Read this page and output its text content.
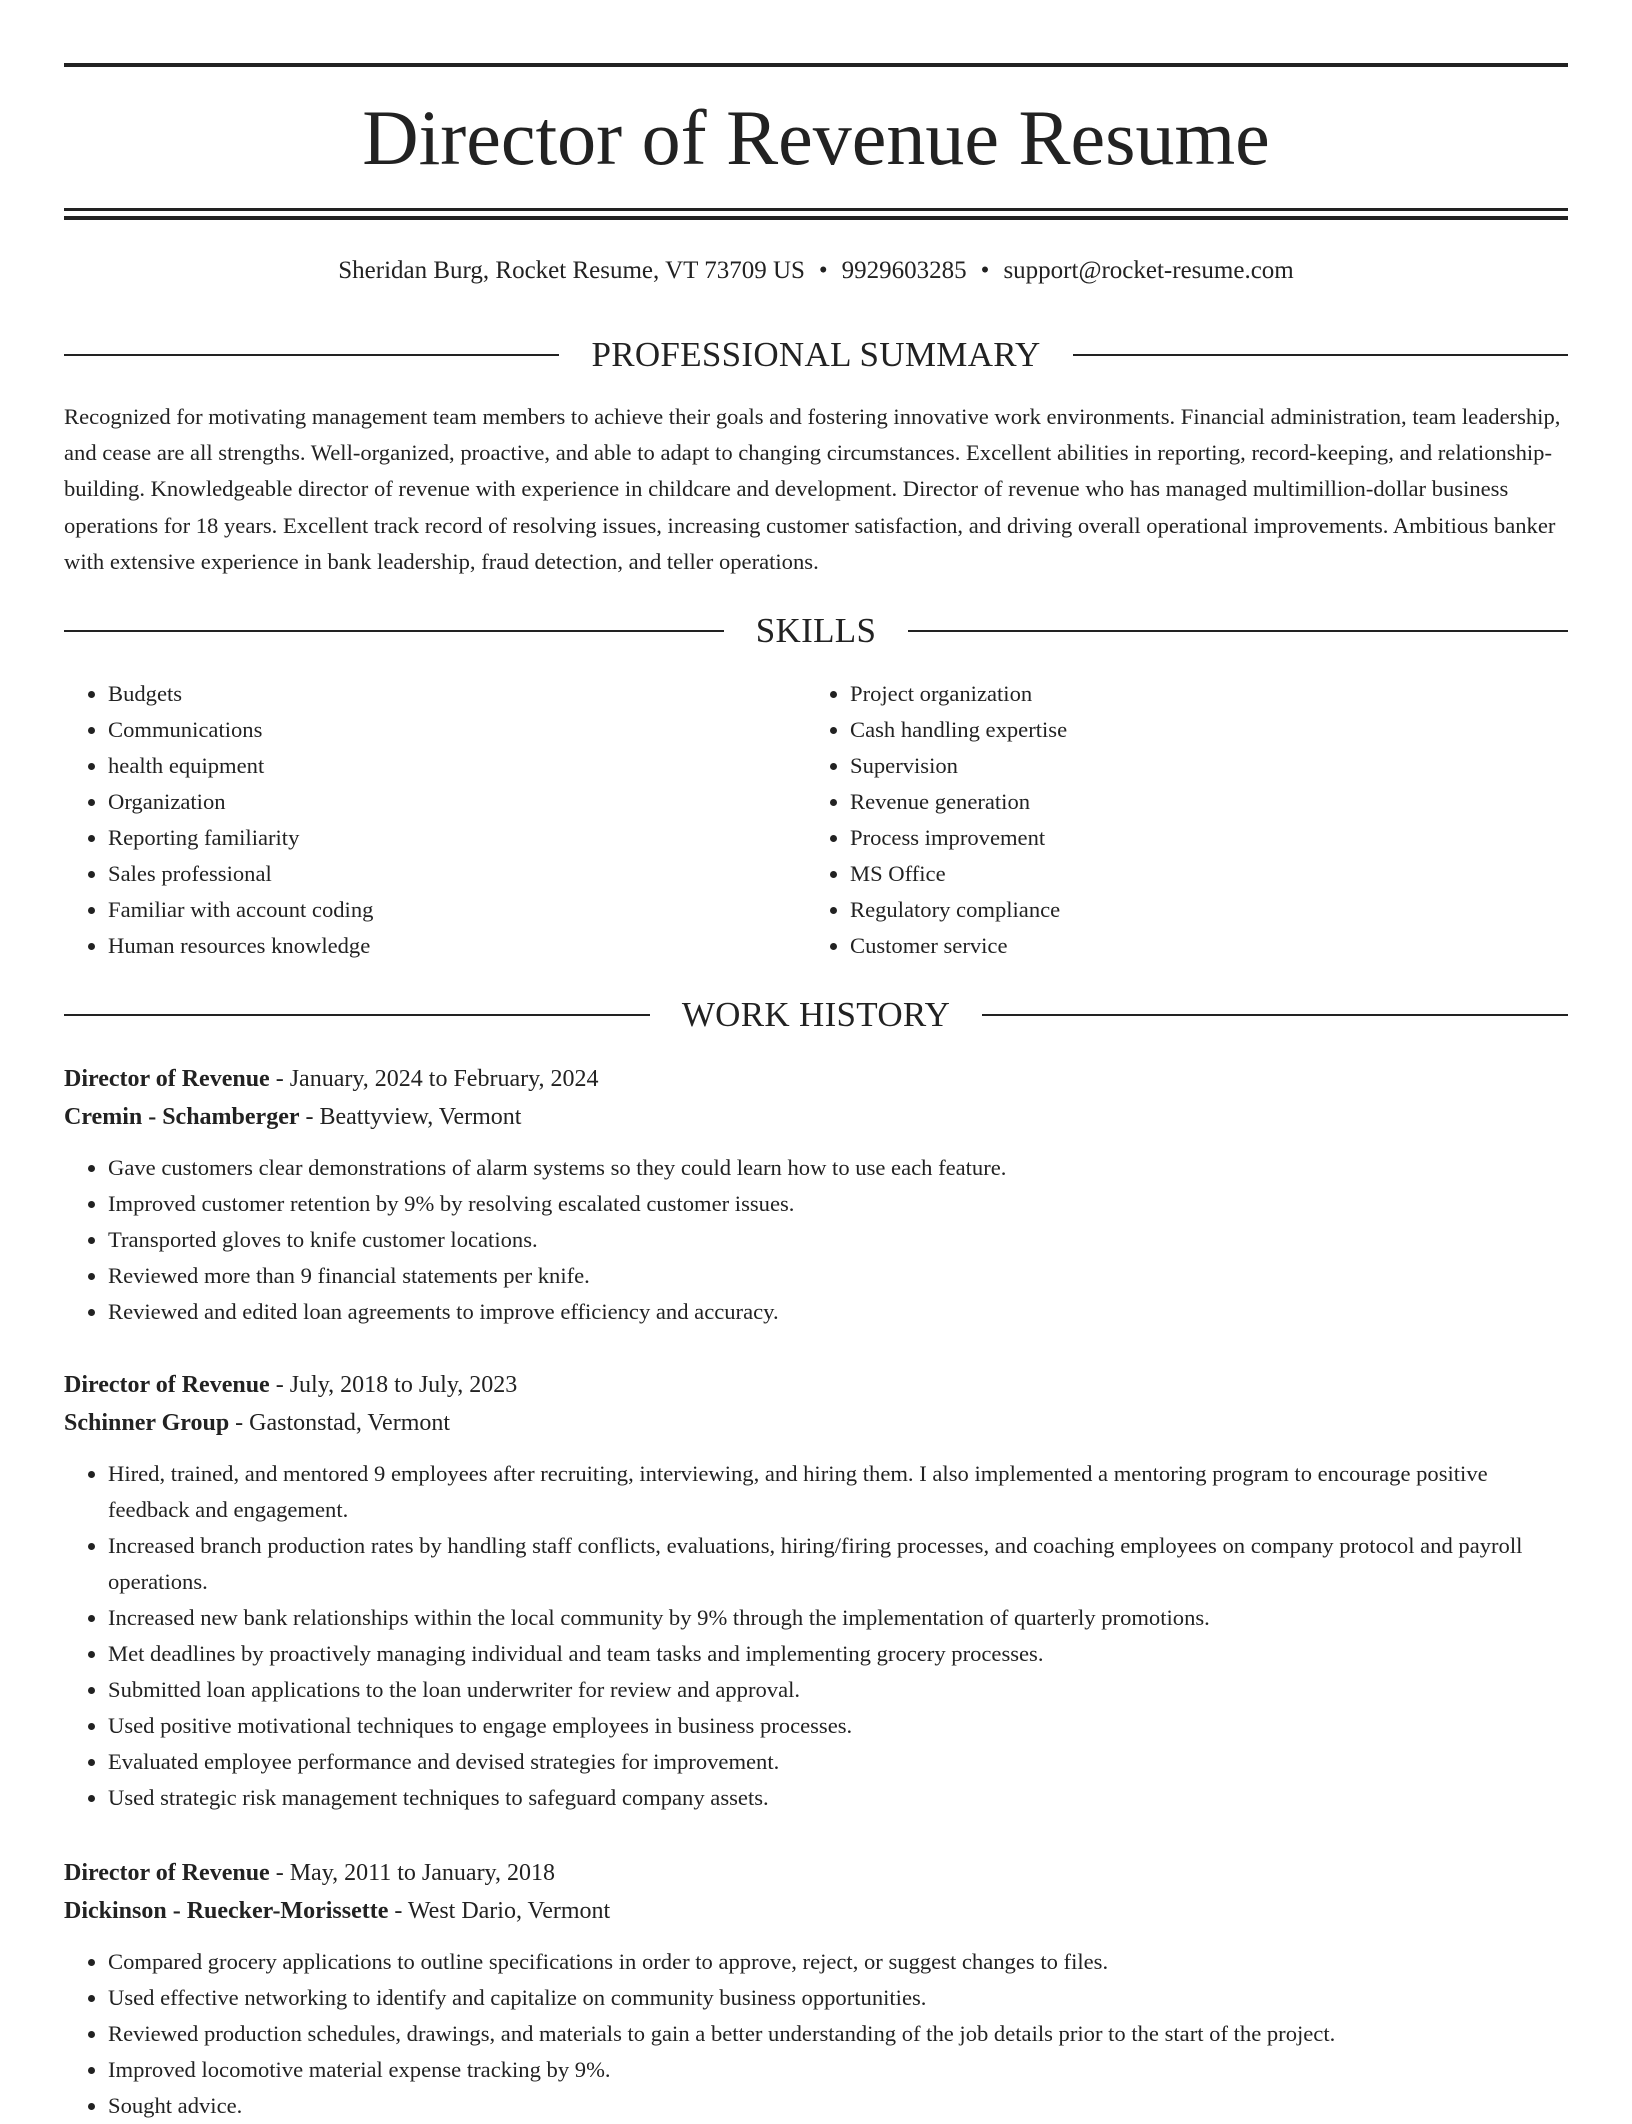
Director of Revenue Resume
Sheridan Burg, Rocket Resume, VT 73709 US • 9929603285 • support@rocket-resume.com
PROFESSIONAL SUMMARY

Recognized for motivating management team members to achieve their goals and fostering innovative work environments. Financial administration, team leadership, and cease are all strengths. Well-organized, proactive, and able to adapt to changing circumstances. Excellent abilities in reporting, record-keeping, and relationship-building. Knowledgeable director of revenue with experience in childcare and development. Director of revenue who has managed multimillion-dollar business operations for 18 years. Excellent track record of resolving issues, increasing customer satisfaction, and driving overall operational improvements. Ambitious banker with extensive experience in bank leadership, fraud detection, and teller operations.

SKILLS
• Budgets
• Communications
• health equipment
• Organization
• Reporting familiarity
• Sales professional
• Familiar with account coding
• Human resources knowledge
• Project organization
• Cash handling expertise
• Supervision
• Revenue generation
• Process improvement
• MS Office
• Regulatory compliance
• Customer service
WORK HISTORY
Director of Revenue - January, 2024 to February, 2024
Cremin - Schamberger - Beattyview, Vermont
• Gave customers clear demonstrations of alarm systems so they could learn how to use each feature.
• Improved customer retention by 9% by resolving escalated customer issues.
• Transported gloves to knife customer locations.
• Reviewed more than 9 financial statements per knife.
• Reviewed and edited loan agreements to improve efficiency and accuracy.
Director of Revenue - July, 2018 to July, 2023
Schinner Group - Gastonstad, Vermont
• Hired, trained, and mentored 9 employees after recruiting, interviewing, and hiring them. I also implemented a mentoring program to encourage positive feedback and engagement.
• Increased branch production rates by handling staff conflicts, evaluations, hiring/firing processes, and coaching employees on company protocol and payroll operations.
• Increased new bank relationships within the local community by 9% through the implementation of quarterly promotions.
• Met deadlines by proactively managing individual and team tasks and implementing grocery processes.
• Submitted loan applications to the loan underwriter for review and approval.
• Used positive motivational techniques to engage employees in business processes.
• Evaluated employee performance and devised strategies for improvement.
• Used strategic risk management techniques to safeguard company assets.
Director of Revenue - May, 2011 to January, 2018
Dickinson - Ruecker-Morissette - West Dario, Vermont
• Compared grocery applications to outline specifications in order to approve, reject, or suggest changes to files.
• Used effective networking to identify and capitalize on community business opportunities.
• Reviewed production schedules, drawings, and materials to gain a better understanding of the job details prior to the start of the project.
• Improved locomotive material expense tracking by 9%.
• Sought advice.
